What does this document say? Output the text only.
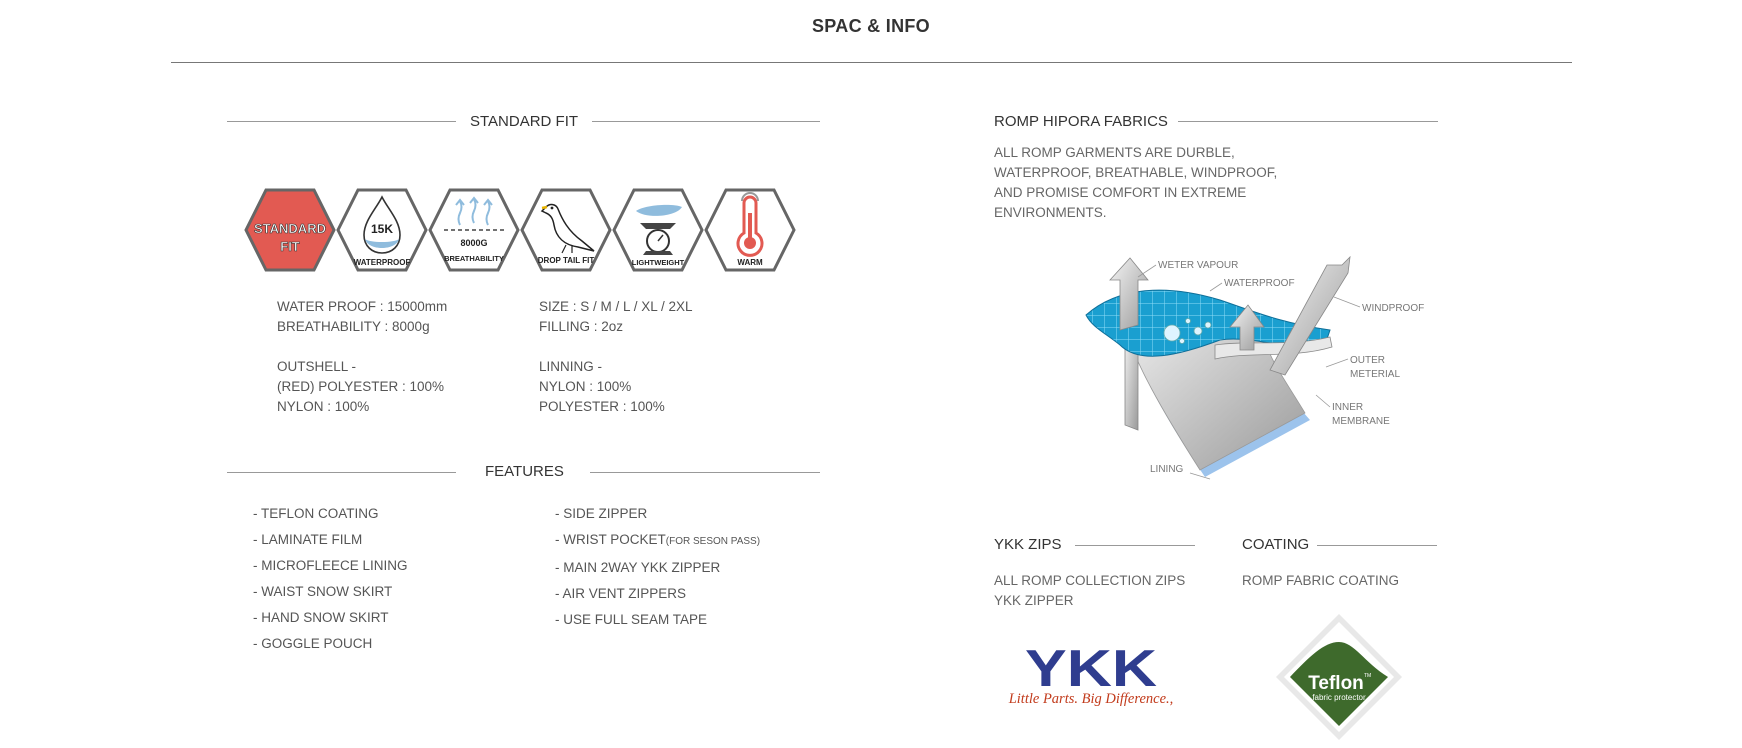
SPAC & INFO
STANDARD FIT
STANDARD
FIT
15K
WATERPROOF
8000G
BREATHABILITY	DROP TAIL FIT	LIGHTWEIGHT	WARM
WATER PROOF : 15000mm
BREATHABILITY : 8000g
OUTSHELL -
(RED) POLYESTER : 100%
NYLON : 100%
SIZE : S / M / L / XL / 2XL
FILLING : 2oz
LINNING -
NYLON : 100%
POLYESTER : 100%
FEATURES
- TEFLON COATING
- LAMINATE FILM
- MICROFLEECE LINING
- WAIST SNOW SKIRT
- HAND SNOW SKIRT
- GOGGLE POUCH
- SIDE ZIPPER
- WRIST POCKET(FOR SESON PASS)
- MAIN 2WAY YKK ZIPPER
- AIR VENT ZIPPERS
- USE FULL SEAM TAPE
ROMP HIPORA FABRICS
ALL ROMP GARMENTS ARE DURBLE, WATERPROOF, BREATHABLE, WINDPROOF, AND PROMISE COMFORT IN EXTREME ENVIRONMENTS.
WETER VAPOUR
WATERPROOF
WINDPROOF
OUTER
METERIAL
INNER
MEMBRANE
LINING
YKK ZIPS
ALL ROMP COLLECTION ZIPS
YKK ZIPPER
YKK
Little Parts. Big Difference.,
COATING
ROMP FABRIC COATING
Teflon TM
fabric protector
